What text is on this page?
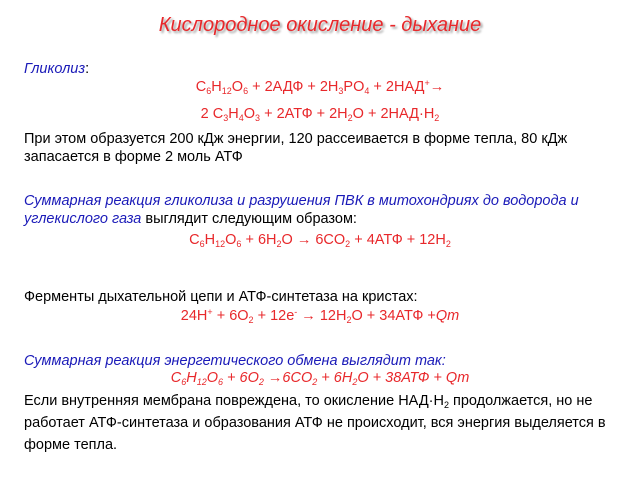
Кислородное окисление - дыхание
Гликолиз:
$C_6H_{12}O_6 + 2АДФ + 2H_3PO_4 + 2НАД^+\to$
2 $C_3H_4O_3 + 2АТФ + 2H_2O + 2НАД\cdot H_2$
При этом образуется 200 кДж энергии, 120 рассеивается в форме тепла, 80 кДж запасается в форме 2 моль АТФ
Суммарная реакция гликолиза и разрушения ПВК в митохондриях до водорода и углекислого газа выглядит следующим образом:
$C_6H_{12}O_6 + 6H_2O \to 6CO_2 + 4АТФ + 12H_2$
Ферменты дыхательной цепи и АТФ-синтетаза на кристах:
$24H^+ + 6O_2 + 12e^- \to 12H_2O + 34АТФ +Qт$
Суммарная реакция энергетического обмена выглядит так:
$C_6H_{12}O_6 + 6O_2 \to 6CO_2 + 6H_2O + 38АТФ$ + Qт
Если внутренняя мембрана повреждена, то окисление $НАД\cdot H_2$ продолжается, но не работает АТФ-синтетаза и образования АТФ не происходит, вся энергия выделяется в форме тепла.
